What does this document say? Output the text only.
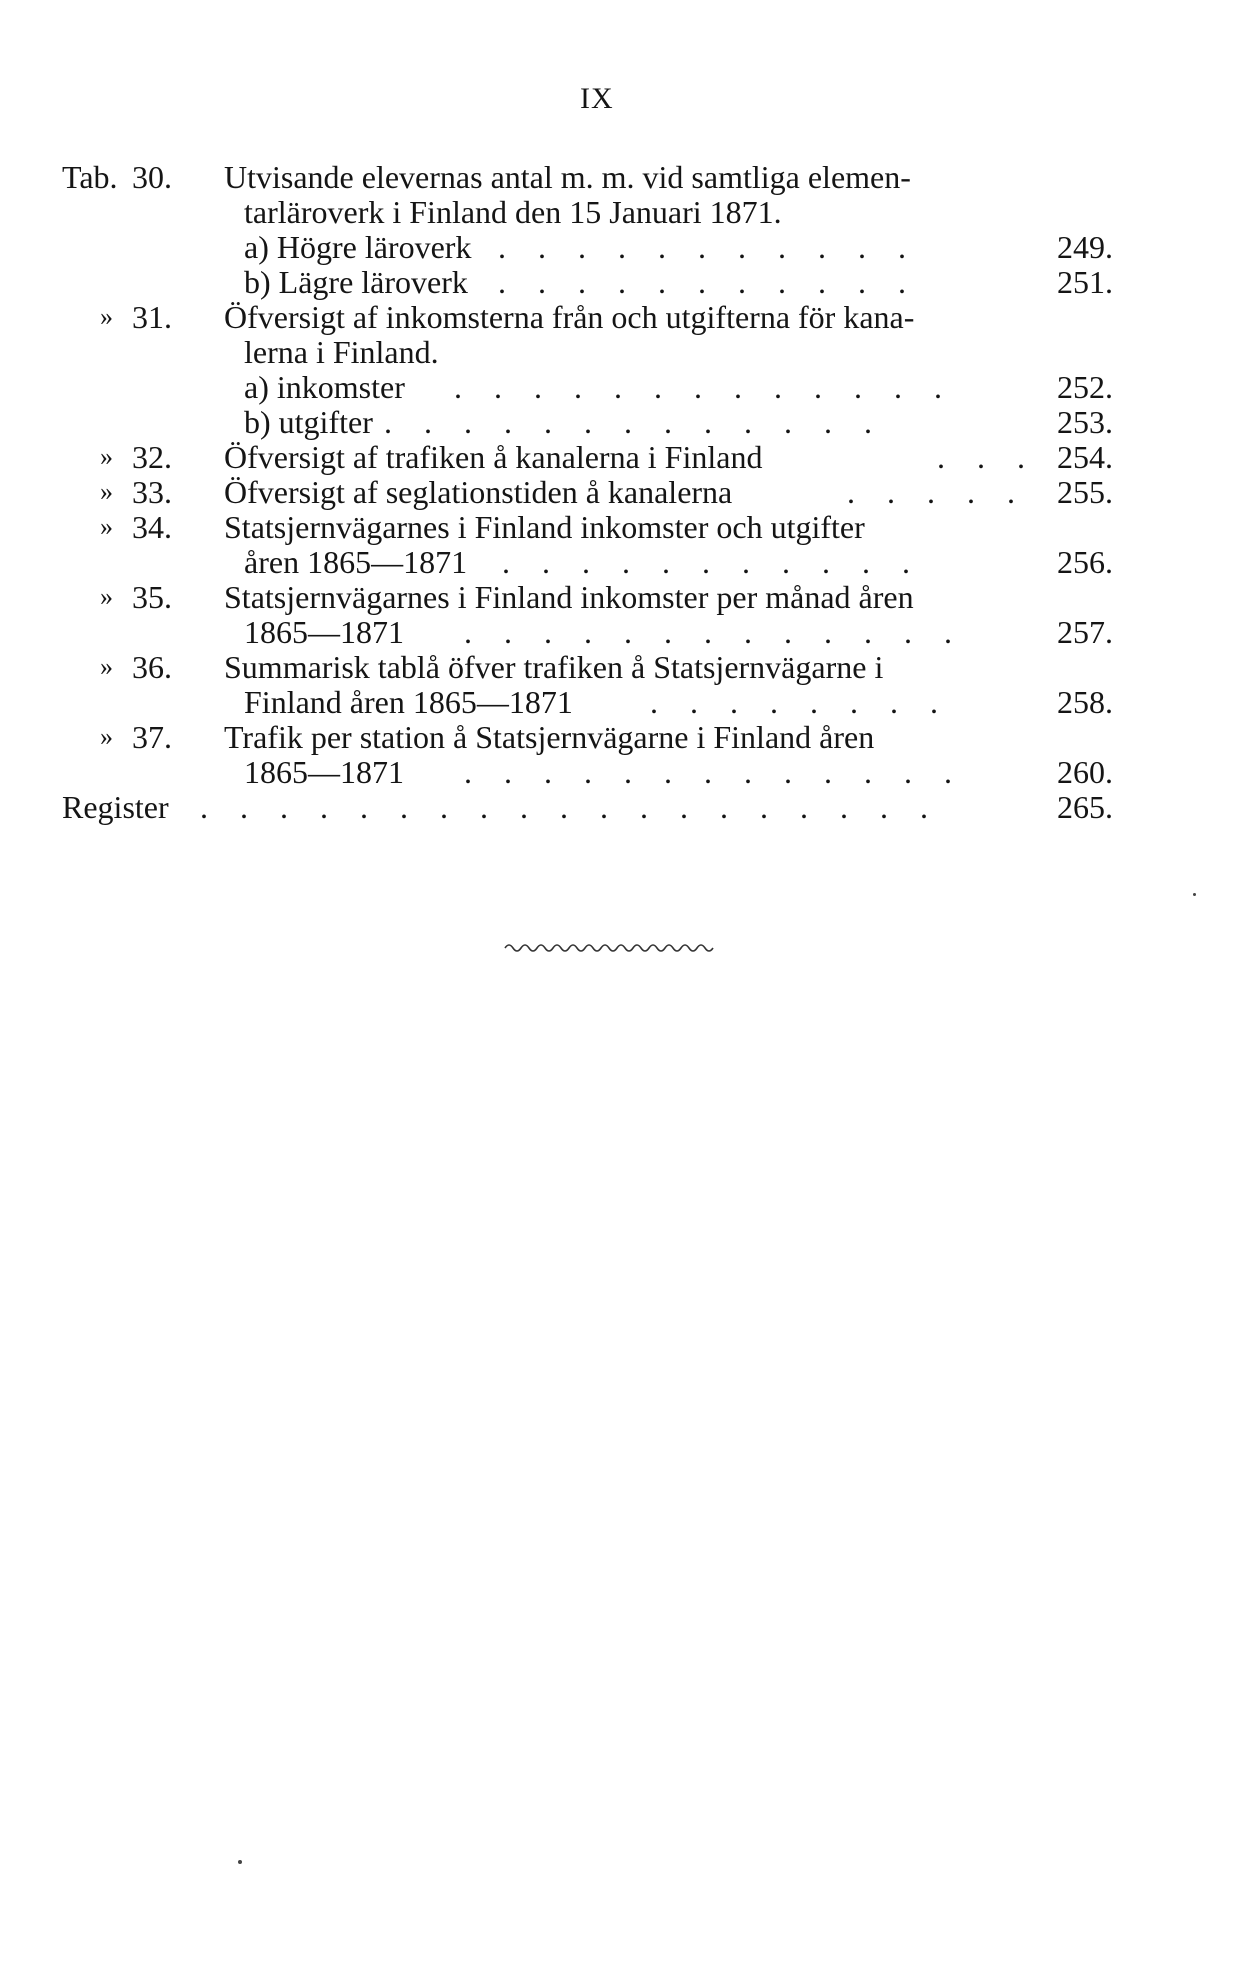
IX
Tab. 30. Utvisande elevernas antal m. m. vid samtliga elemen-
tarläroverk i Finland den 15 Januari 1871.
a) Högre läroverk . . . . . . . . . . .	249.
b) Lägre läroverk . . . . . . . . . . .	251.
» 31. Öfversigt af inkomsterna från och utgifterna för kana-
lerna i Finland.
a) inkomster . . . . . . . . . . . . .	252.
b) utgifter . . . . . . . . . . . . .	253.
» 32. Öfversigt af trafiken å kanalerna i Finland	. . . 254.
» 33. Öfversigt af seglationstiden å kanalerna	. . . . . 255.
» 34. Statsjernvägarnes i Finland inkomster och utgifter
åren 1865—1871 . . . . . . . . . . .	256.
» 35. Statsjernvägarnes i Finland inkomster per månad åren
1865—1871 . . . . . . . . . . . . .	257.
» 36. Summarisk tablå öfver trafiken å Statsjernvägarne i
Finland åren 1865—1871 . . . . . . . .	258.
» 37. Trafik per station å Statsjernvägarne i Finland åren
1865—1871 . . . . . . . . . . . . .	260.
Register . . . . . . . . . . . . . . . . . . .	265.
